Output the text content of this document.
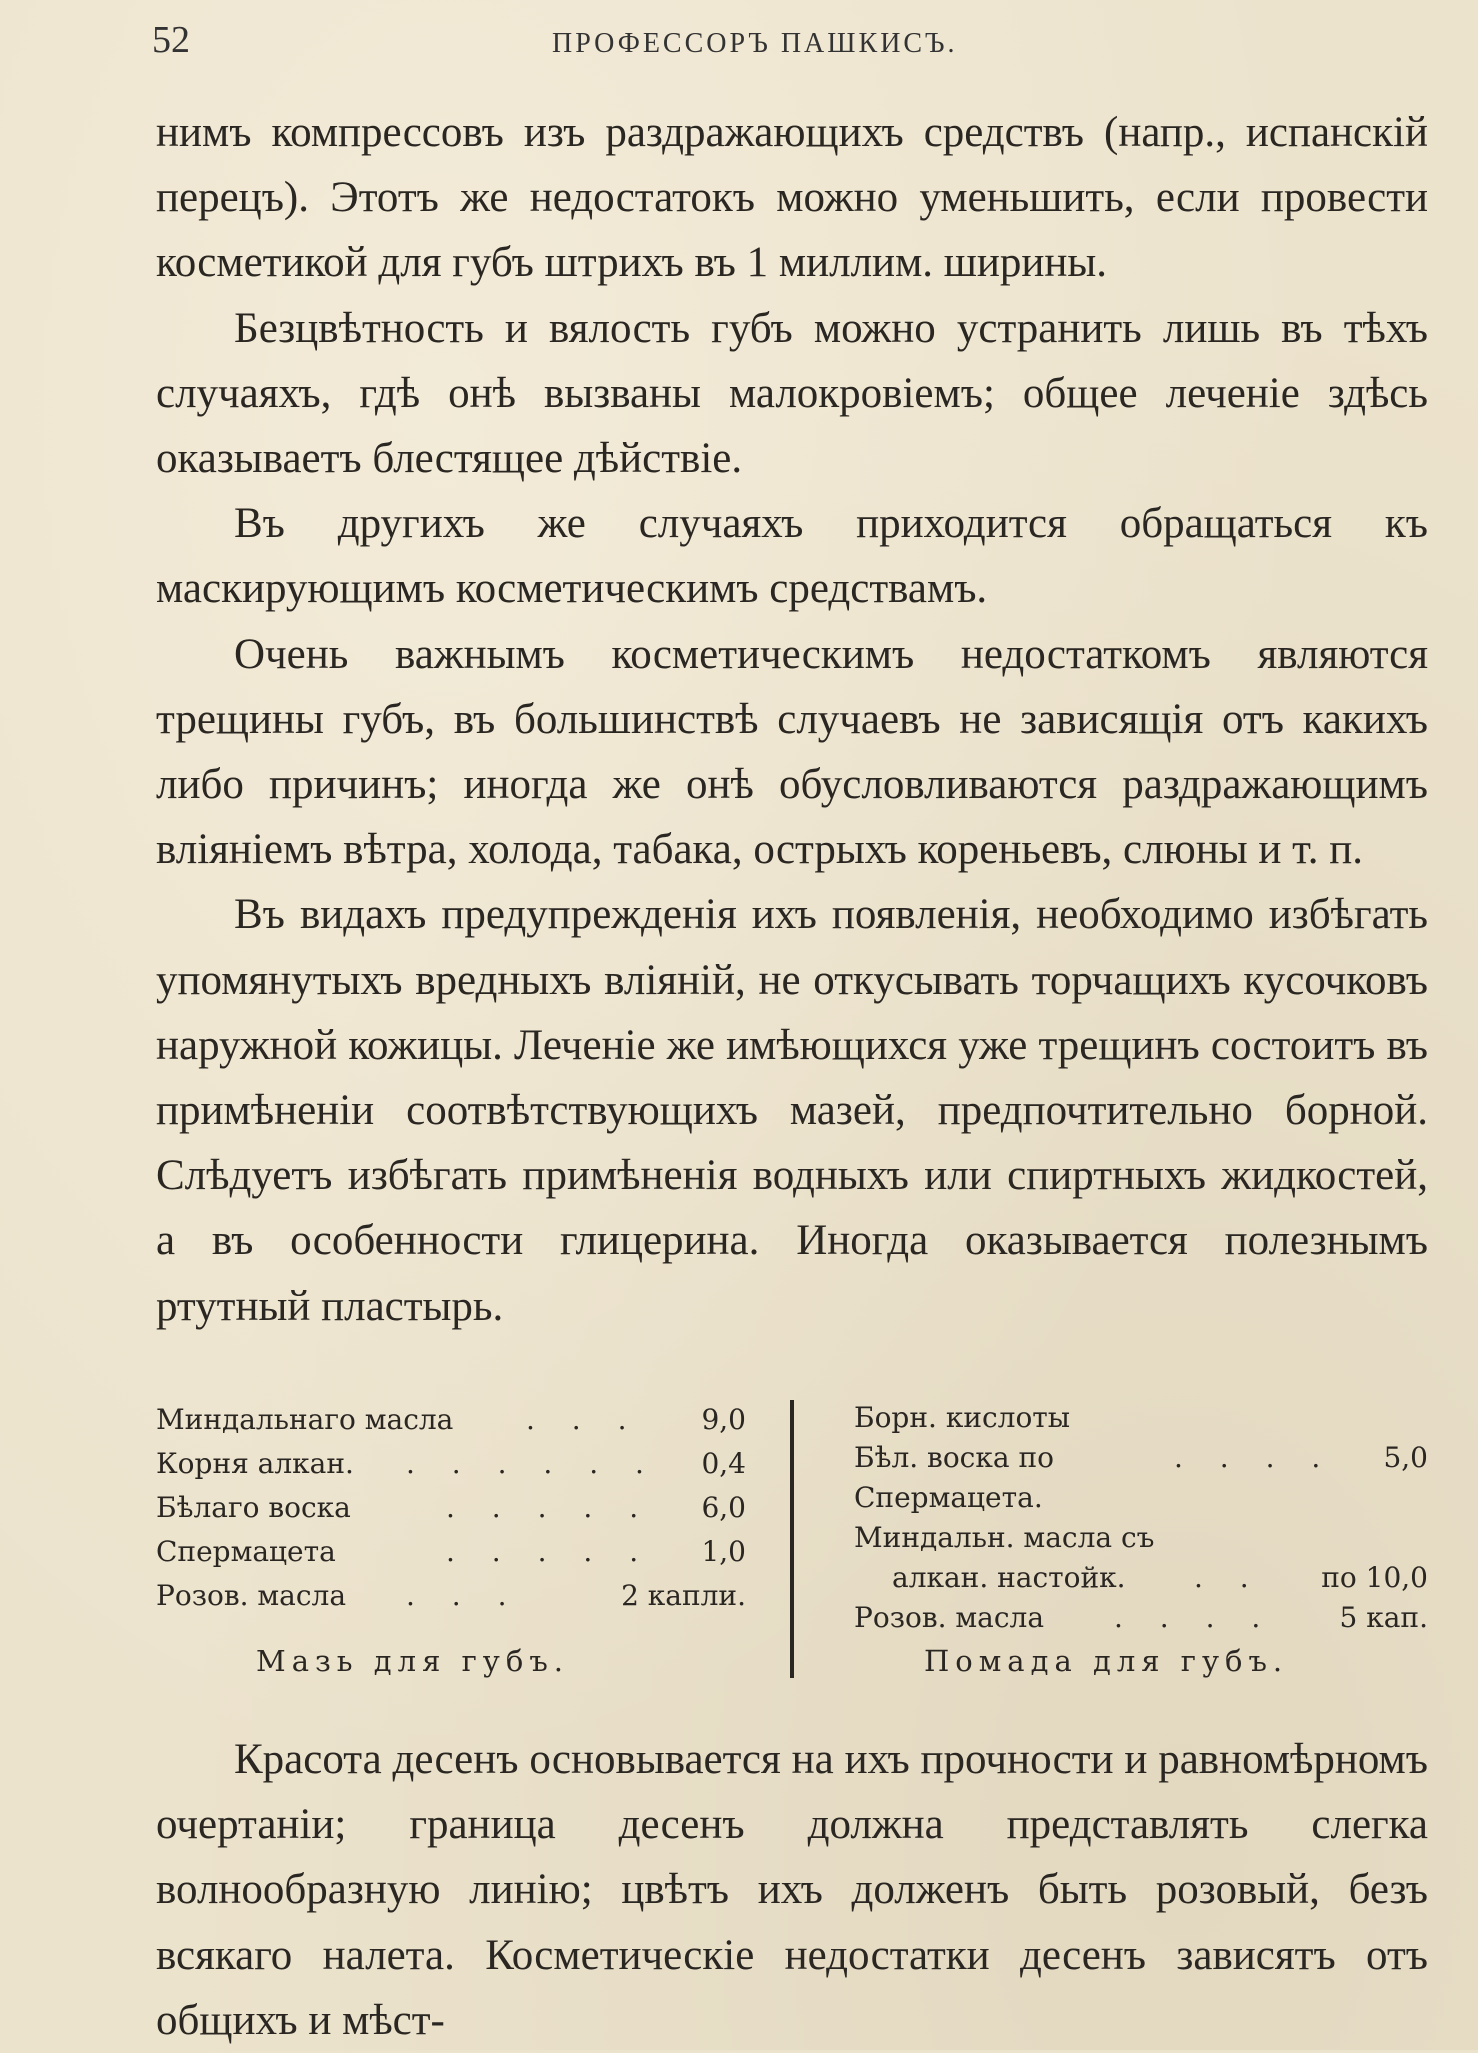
52	ПРОФЕССОРЪ ПАШКИСЪ.

нимъ компрессовъ изъ раздражающихъ средствъ (напр., испанскій перецъ). Этотъ же недостатокъ можно уменьшить, если провести косметикой для губъ штрихъ въ 1 миллим. ширины.

Безцвѣтность и вялость губъ можно устранить лишь въ тѣхъ случаяхъ, гдѣ онѣ вызваны малокровіемъ; общее леченіе здѣсь оказываетъ блестящее дѣйствіе.

Въ другихъ же случаяхъ приходится обращаться къ маскирующимъ косметическимъ средствамъ.

Очень важнымъ косметическимъ недостаткомъ являются трещины губъ, въ большинствѣ случаевъ не зависящія отъ какихъ либо причинъ; иногда же онѣ обусловливаются раздражающимъ вліяніемъ вѣтра, холода, табака, острыхъ кореньевъ, слюны и т. п.

Въ видахъ предупрежденія ихъ появленія, необходимо избѣгать упомянутыхъ вредныхъ вліяній, не откусывать торчащихъ кусочковъ наружной кожицы. Леченіе же имѣющихся уже трещинъ состоитъ въ примѣненіи соотвѣтствующихъ мазей, предпочтительно борной. Слѣдуетъ избѣгать примѣненія водныхъ или спиртныхъ жидкостей, а въ особенности глицерина. Иногда оказывается полезнымъ ртутный пластырь.

Миндальнаго масла	. . . 9,0
Корня алкан. . . . . . . 0,4
Бѣлаго воска	. . . . . 6,0
Спермацета	. . . . . 1,0
Розов. масла . . .	2 капли.
Мазь для губъ.
Борн. кислоты
Бѣл. воска по	. . . . 5,0
Спермацета.
Миндальн. масла съ
алкан. настойк. . . по 10,0
Розов. масла . . . . 5 кап.
Помада для губъ.

Красота десенъ основывается на ихъ прочности и равномѣрномъ очертаніи; граница десенъ должна представлять слегка волнообразную линію; цвѣтъ ихъ долженъ быть розовый, безъ всякаго налета. Косметическіе недостатки десенъ зависятъ отъ общихъ и мѣст-
